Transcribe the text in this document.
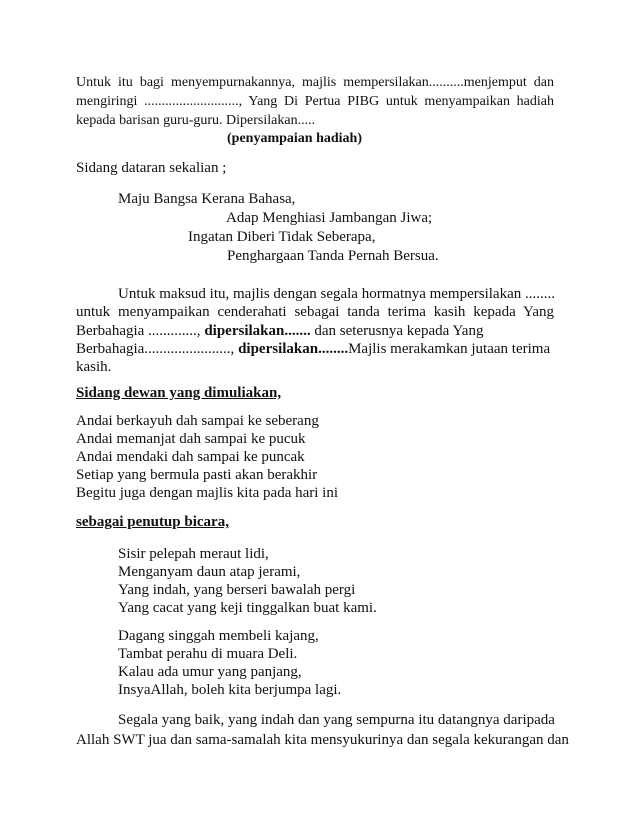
Untuk itu bagi menyempurnakannya, majlis mempersilakan..........menjemput dan
mengiringi ..........................., Yang Di Pertua PIBG untuk menyampaikan hadiah
kepada barisan guru-guru. Dipersilakan.....
(penyampaian hadiah)
Sidang dataran sekalian ;
Maju Bangsa Kerana Bahasa,
Adap Menghiasi Jambangan Jiwa;
Ingatan Diberi Tidak Seberapa,
Penghargaan Tanda Pernah Bersua.
Untuk maksud itu, majlis dengan segala hormatnya mempersilakan ........
untuk menyampaikan cenderahati sebagai tanda terima kasih kepada Yang
Berbahagia ............., dipersilakan....... dan seterusnya kepada Yang
Berbahagia......................., dipersilakan........Majlis merakamkan jutaan terima
kasih.
Sidang dewan yang dimuliakan,
Andai berkayuh dah sampai ke seberang
Andai memanjat dah sampai ke pucuk
Andai mendaki dah sampai ke puncak
Setiap yang bermula pasti akan berakhir
Begitu juga dengan majlis kita pada hari ini
sebagai penutup bicara,
Sisir pelepah meraut lidi,
Menganyam daun atap jerami,
Yang indah, yang berseri bawalah pergi
Yang cacat yang keji tinggalkan buat kami.
Dagang singgah membeli kajang,
Tambat perahu di muara Deli.
Kalau ada umur yang panjang,
InsyaAllah, boleh kita berjumpa lagi.
Segala yang baik, yang indah dan yang sempurna itu datangnya daripada
Allah SWT jua dan sama-samalah kita mensyukurinya dan segala kekurangan dan
